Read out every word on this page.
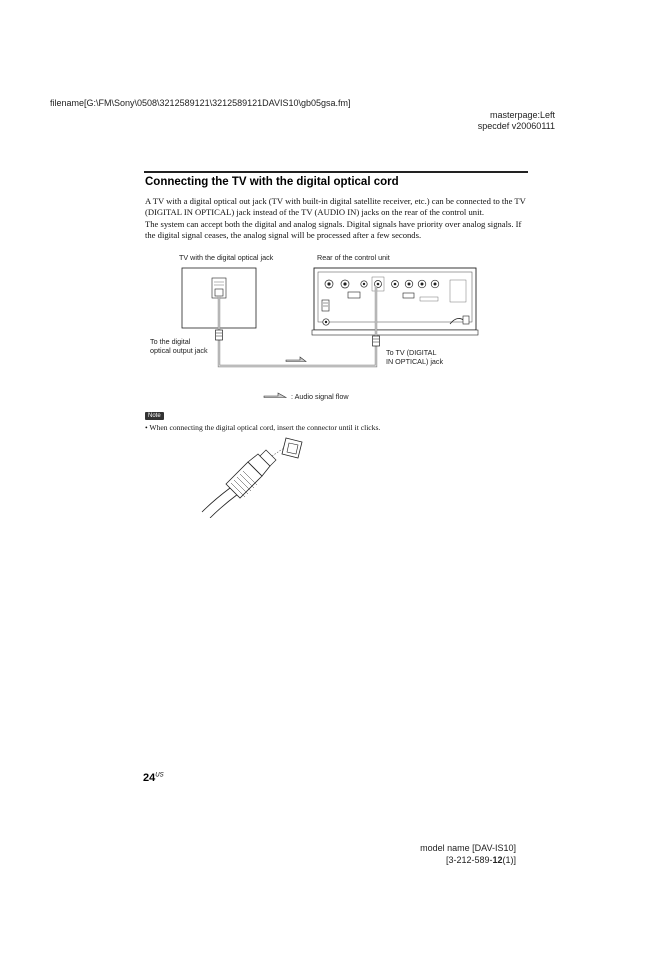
filename[G:\FM\Sony\0508\3212589121\3212589121DAVIS10\gb05gsa.fm]
masterpage:Left
specdef v20060111
Connecting the TV with the digital optical cord

A TV with a digital optical out jack (TV with built-in digital satellite receiver, etc.) can be connected to the TV (DIGITAL IN OPTICAL) jack instead of the TV (AUDIO IN) jacks on the rear of the control unit.

The system can accept both the digital and analog signals. Digital signals have priority over analog signals. If the digital signal ceases, the analog signal will be processed after a few seconds.

TV with the digital optical jack	Rear of the control unit
To the digital
optical output jack	To TV (DIGITAL
IN OPTICAL) jack
: Audio signal flow
Note
• When connecting the digital optical cord, insert the connector until it clicks.
$24^{US}$
model name [DAV-IS10]
[3-212-589-12(1)]
